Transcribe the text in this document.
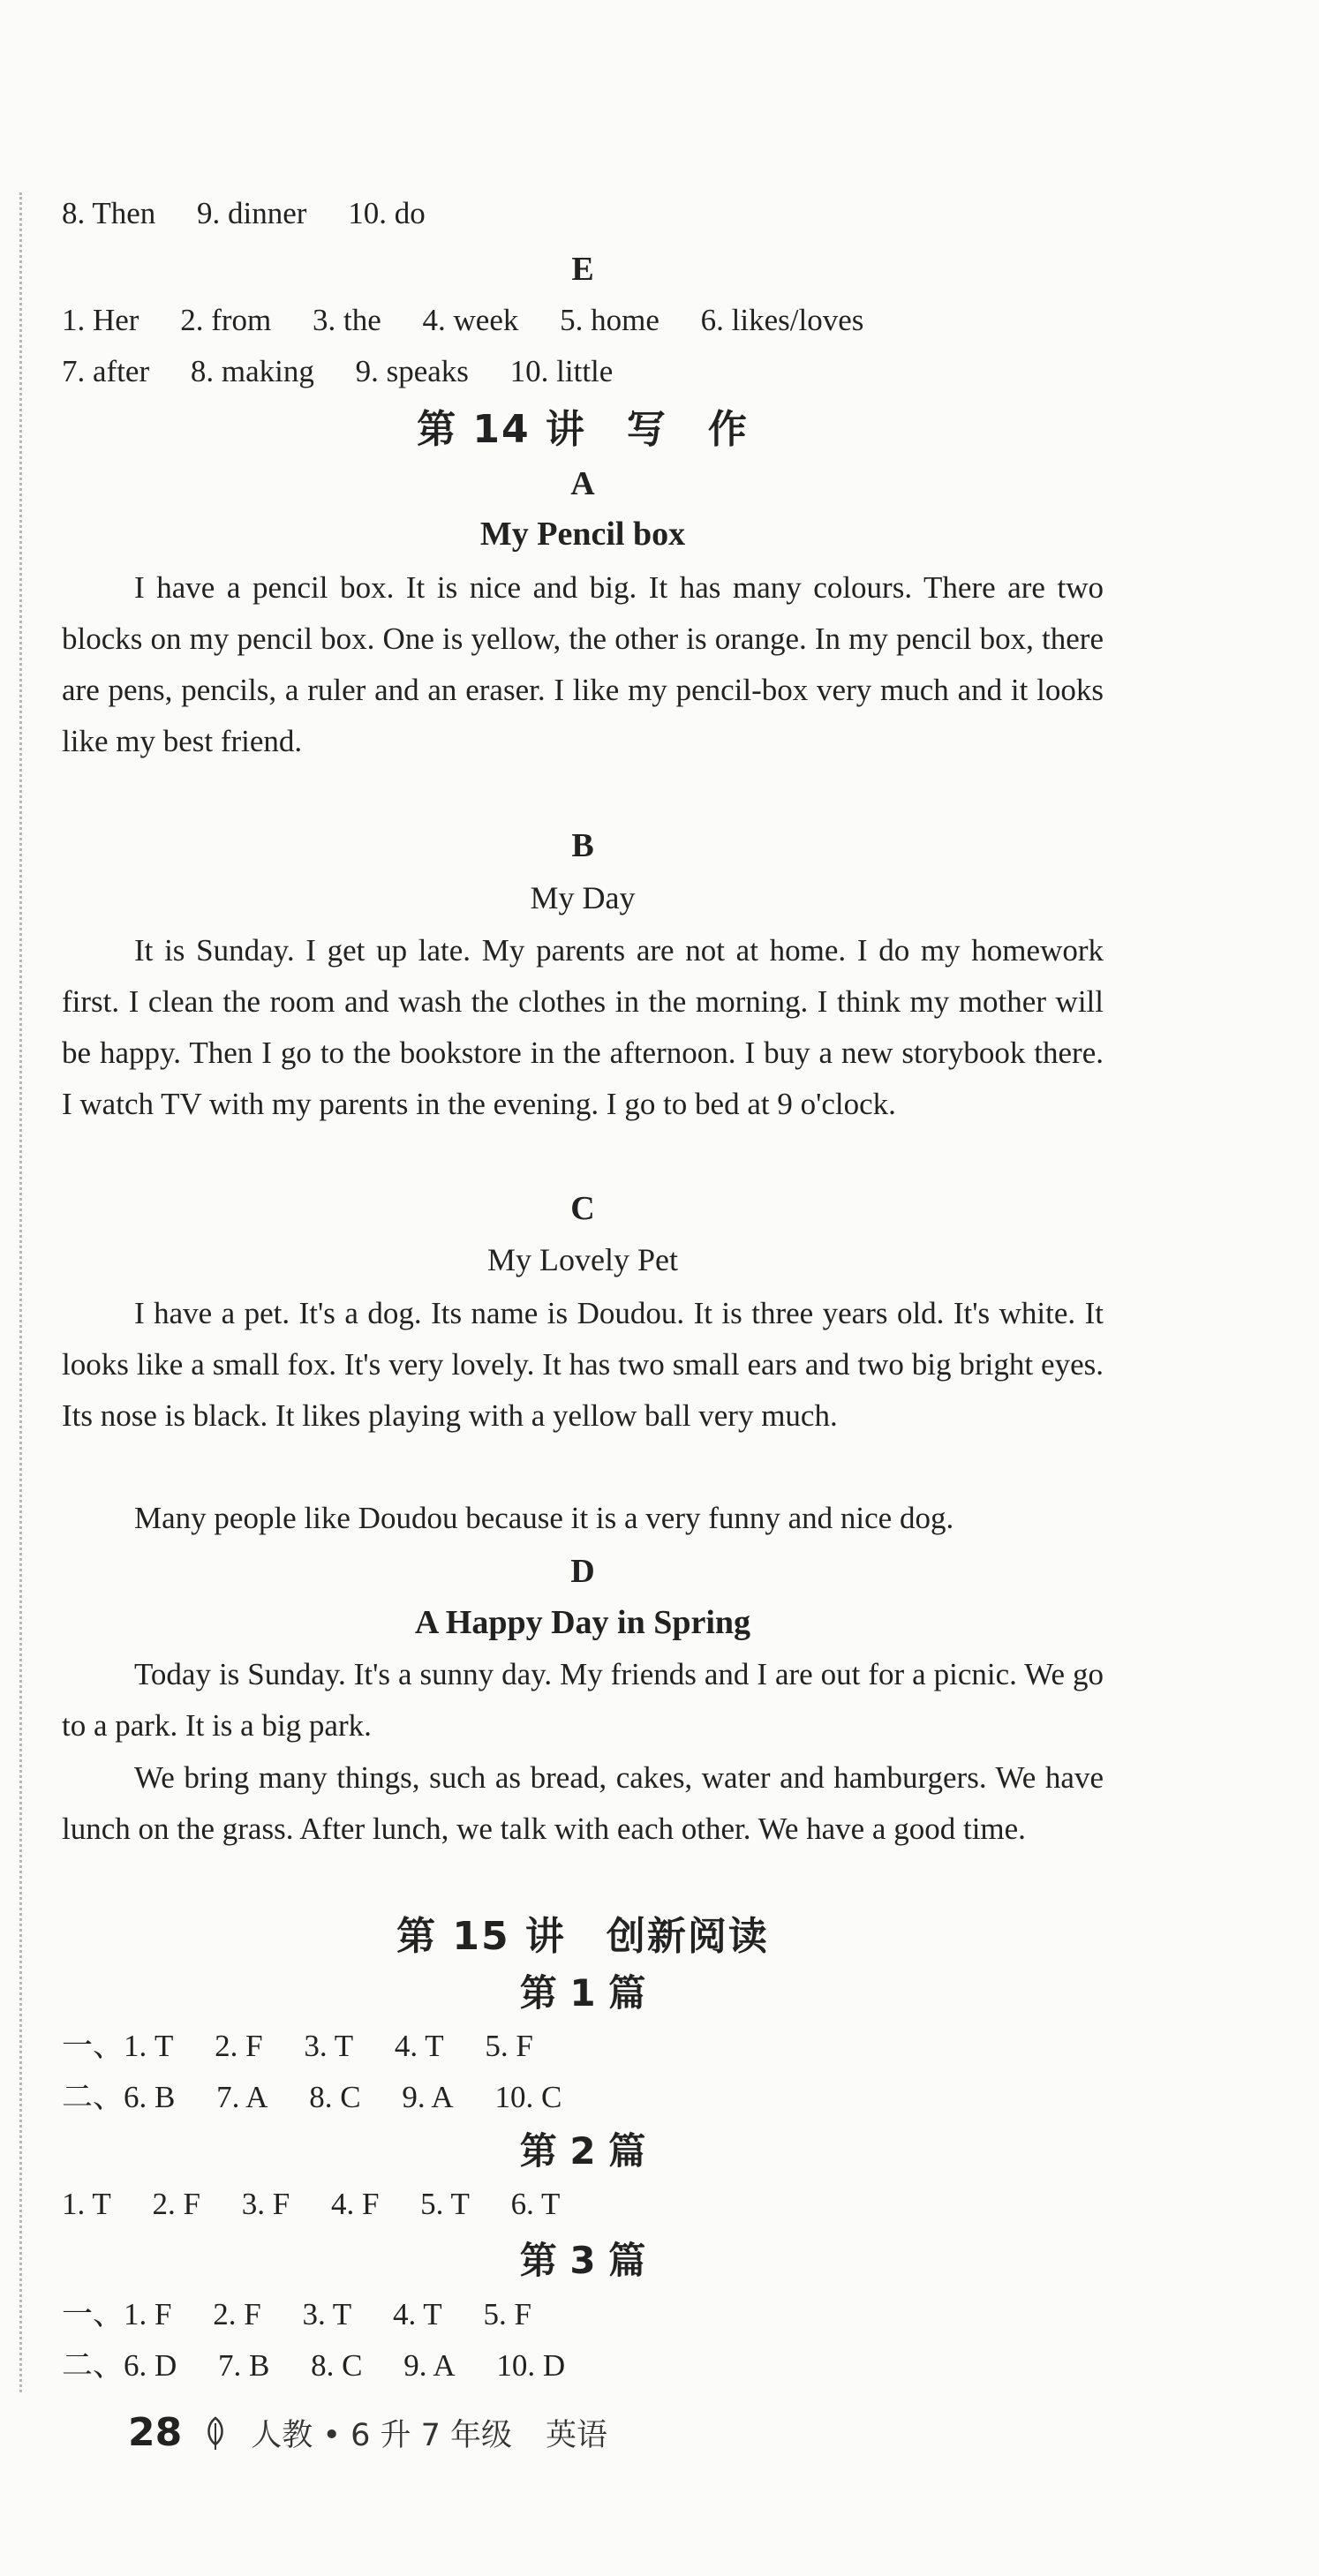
8. Then 9. dinner 10. do
E
1. Her 2. from 3. the 4. week 5. home 6. likes/loves
7. after 8. making 9. speaks 10. little
第 14 讲　写　作
A
My Pencil box

I have a pencil box. It is nice and big. It has many colours. There are two blocks on my pencil box. One is yellow, the other is orange. In my pencil box, there are pens, pencils, a ruler and an eraser. I like my pencil-box very much and it looks like my best friend.

B
My Day

It is Sunday. I get up late. My parents are not at home. I do my homework first. I clean the room and wash the clothes in the morning. I think my mother will be happy. Then I go to the bookstore in the afternoon. I buy a new storybook there. I watch TV with my parents in the evening. I go to bed at 9 o'clock.

C
My Lovely Pet

I have a pet. It's a dog. Its name is Doudou. It is three years old. It's white. It looks like a small fox. It's very lovely. It has two small ears and two big bright eyes. Its nose is black. It likes playing with a yellow ball very much.

Many people like Doudou because it is a very funny and nice dog.

D
A Happy Day in Spring

Today is Sunday. It's a sunny day. My friends and I are out for a picnic. We go to a park. It is a big park.

We bring many things, such as bread, cakes, water and hamburgers. We have lunch on the grass. After lunch, we talk with each other. We have a good time.

第 15 讲　创新阅读
第 1 篇
一、1. T 2. F 3. T 4. T 5. F
二、6. B 7. A 8. C 9. A 10. C
第 2 篇
1. T 2. F 3. F 4. F 5. T 6. T
第 3 篇
一、1. F 2. F 3. T 4. T 5. F
二、6. D 7. B 8. C 9. A 10. D
28 人教 • 6 升 7 年级 英语
